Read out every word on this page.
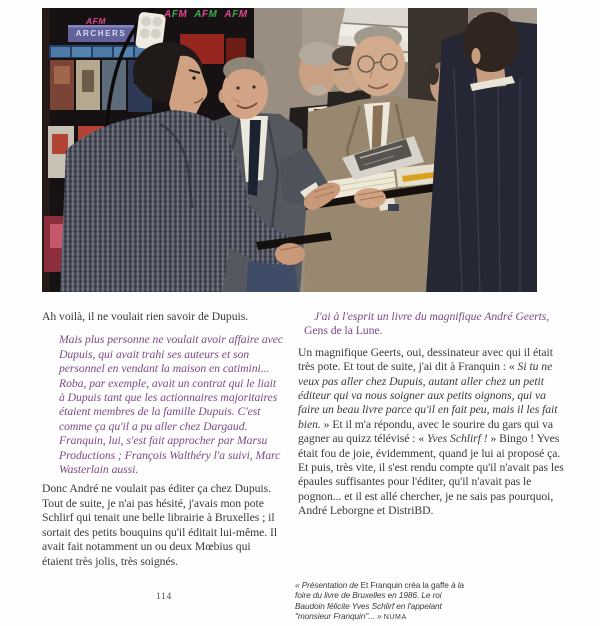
ARCHERS
AFM
AFM AFM AFM

Ah voilà, il ne voulait rien savoir de Dupuis.

Mais plus personne ne voulait avoir affaire avec Dupuis, qui avait trahi ses auteurs et son personnel en vendant la maison en catimini... Roba, par exemple, avait un contrat qui le liait à Dupuis tant que les actionnaires majoritaires étaient membres de la famille Dupuis. C'est comme ça qu'il a pu aller chez Dargaud. Franquin, lui, s'est fait approcher par Marsu Productions ; François Walthéry l'a suivi, Marc Wasterlain aussi.

Donc André ne voulait pas éditer ça chez Dupuis. Tout de suite, je n'ai pas hésité, j'avais mon pote Schlirf qui tenait une belle librairie à Bruxelles ; il sortait des petits bouquins qu'il éditait lui-même. Il avait fait notamment un ou deux Mœbius qui étaient très jolis, très soignés.

J'ai à l'esprit un livre du magnifique André Geerts, Gens de la Lune.

Un magnifique Geerts, oui, dessinateur avec qui il était très pote. Et tout de suite, j'ai dit à Franquin : « Si tu ne veux pas aller chez Dupuis, autant aller chez un petit éditeur qui va nous soigner aux petits oignons, qui va faire un beau livre parce qu'il en fait peu, mais il les fait bien. » Et il m'a répondu, avec le sourire du gars qui va gagner au quizz télévisé : « Yves Schlirf ! » Bingo ! Yves était fou de joie, évidemment, quand je lui ai proposé ça. Et puis, très vite, il s'est rendu compte qu'il n'avait pas les épaules suffisantes pour l'éditer, qu'il n'avait pas le pognon... et il est allé chercher, je ne sais pas pourquoi, André Leborgne et DistriBD.

« Présentation de Et Franquin créa la gaffe à la foire du livre de Bruxelles en 1986. Le roi Baudoin félicite Yves Schlirf en l'appelant "monsieur Franquin"... » NUMA
114
